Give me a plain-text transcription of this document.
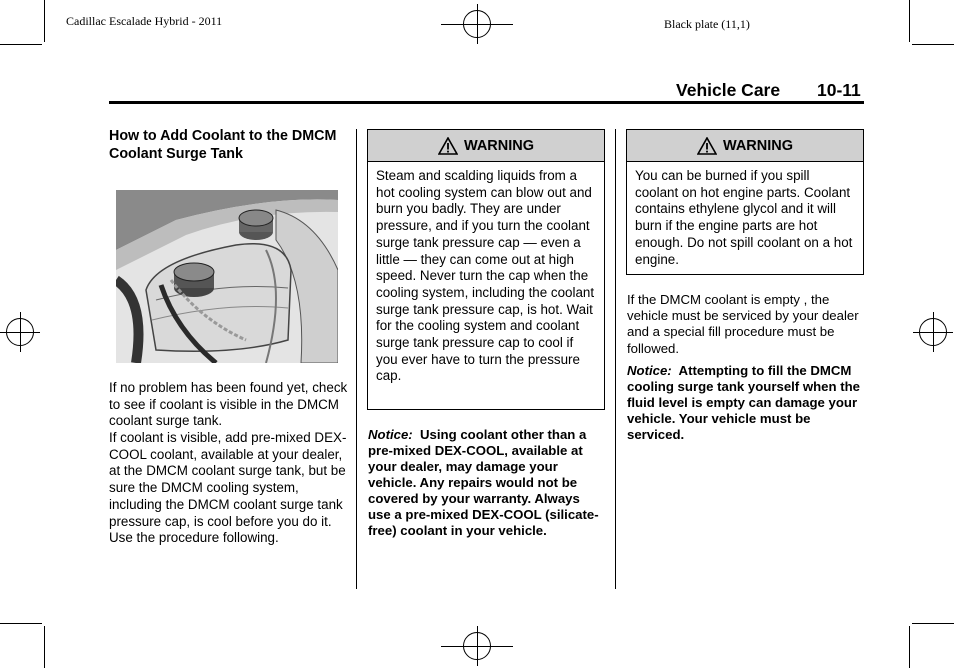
Cadillac Escalade Hybrid - 2011	Black plate (11,1)
Vehicle Care 10-11
How to Add Coolant to the DMCM Coolant Surge Tank
If no problem has been found yet, check to see if coolant is visible in the DMCM coolant surge tank.
If coolant is visible, add pre-mixed DEX-COOL coolant, available at your dealer, at the DMCM coolant surge tank, but be sure the DMCM cooling system, including the DMCM coolant surge tank pressure cap, is cool before you do it. Use the procedure following.
WARNING
Steam and scalding liquids from a hot cooling system can blow out and burn you badly. They are under pressure, and if you turn the coolant surge tank pressure cap — even a little — they can come out at high speed. Never turn the cap when the cooling system, including the coolant surge tank pressure cap, is hot. Wait for the cooling system and coolant surge tank pressure cap to cool if you ever have to turn the pressure cap.
Notice: Using coolant other than a pre-mixed DEX-COOL, available at your dealer, may damage your vehicle. Any repairs would not be covered by your warranty. Always use a pre-mixed DEX-COOL (silicate-free) coolant in your vehicle.
WARNING
You can be burned if you spill coolant on hot engine parts. Coolant contains ethylene glycol and it will burn if the engine parts are hot enough. Do not spill coolant on a hot engine.
If the DMCM coolant is empty , the vehicle must be serviced by your dealer and a special fill procedure must be followed.
Notice: Attempting to fill the DMCM cooling surge tank yourself when the fluid level is empty can damage your vehicle. Your vehicle must be serviced.
